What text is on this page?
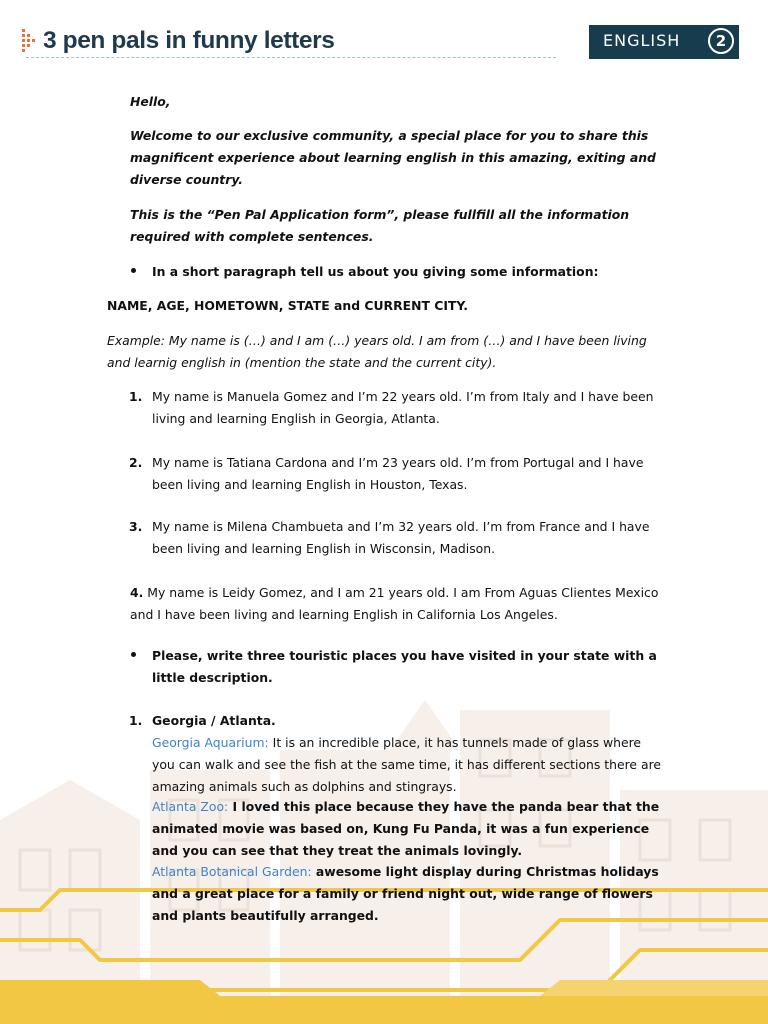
3 pen pals in funny letters	ENGLISH	2

Hello,

Welcome to our exclusive community, a special place for you to share this magnificent experience about learning english in this amazing, exiting and diverse country.

This is the “Pen Pal Application form”, please fullfill all the information required with complete sentences.

In a short paragraph tell us about you giving some information:

NAME, AGE, HOMETOWN, STATE and CURRENT CITY.

Example: My name is (…) and I am (…) years old. I am from (…) and I have been living and learnig english in (mention the state and the current city).

1. My name is Manuela Gomez and I’m 22 years old. I’m from Italy and I have been living and learning English in Georgia, Atlanta.

2. My name is Tatiana Cardona and I’m 23 years old. I’m from Portugal and I have been living and learning English in Houston, Texas.

3. My name is Milena Chambueta and I’m 32 years old. I’m from France and I have been living and learning English in Wisconsin, Madison.

4. My name is Leidy Gomez, and I am 21 years old. I am From Aguas Clientes Mexico and I have been living and learning English in California Los Angeles.

Please, write three touristic places you have visited in your state with a little description.

1. Georgia / Atlanta.

Georgia Aquarium: It is an incredible place, it has tunnels made of glass where you can walk and see the fish at the same time, it has different sections there are amazing animals such as dolphins and stingrays.

Atlanta Zoo: I loved this place because they have the panda bear that the animated movie was based on, Kung Fu Panda, it was a fun experience and you can see that they treat the animals lovingly.

Atlanta Botanical Garden: awesome light display during Christmas holidays and a great place for a family or friend night out, wide range of flowers and plants beautifully arranged.
